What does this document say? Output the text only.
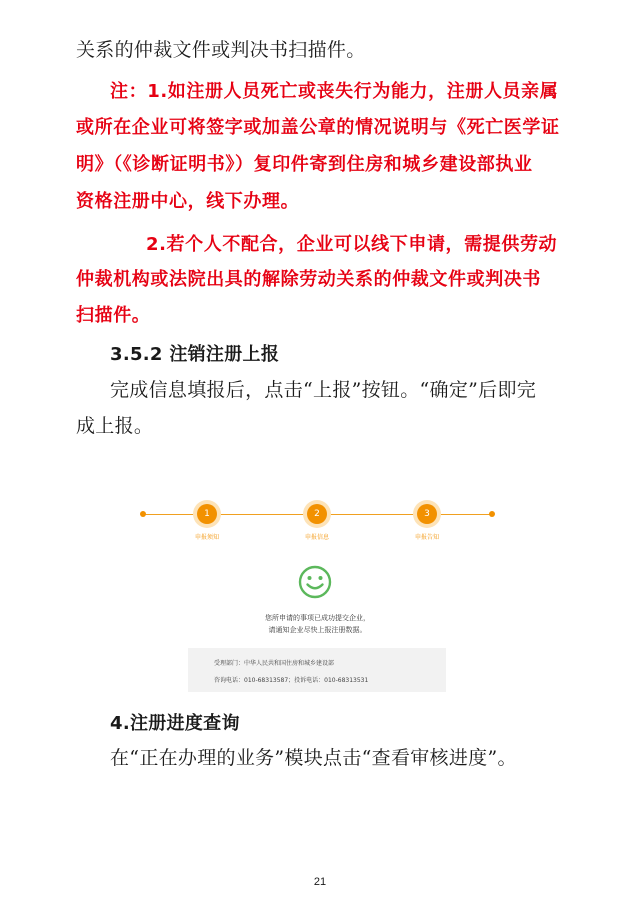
关系的仲裁文件或判决书扫描件。
注：1.如注册人员死亡或丧失行为能力，注册人员亲属
或所在企业可将签字或加盖公章的情况说明与《死亡医学证
明》（《诊断证明书》）复印件寄到住房和城乡建设部执业
资格注册中心，线下办理。
2.若个人不配合，企业可以线下申请，需提供劳动
仲裁机构或法院出具的解除劳动关系的仲裁文件或判决书
扫描件。
3.5.2 注销注册上报
完成信息填报后，点击“上报”按钮。“确定”后即完
成上报。
1
申报须知
2
申报信息
3
申报告知
您所申请的事项已成功提交企业，
请通知企业尽快上报注册数据。
受理部门：中华人民共和国住房和城乡建设部
咨询电话：010-68313587；投诉电话：010-68313531
4.注册进度查询
在“正在办理的业务”模块点击“查看审核进度”。
21
